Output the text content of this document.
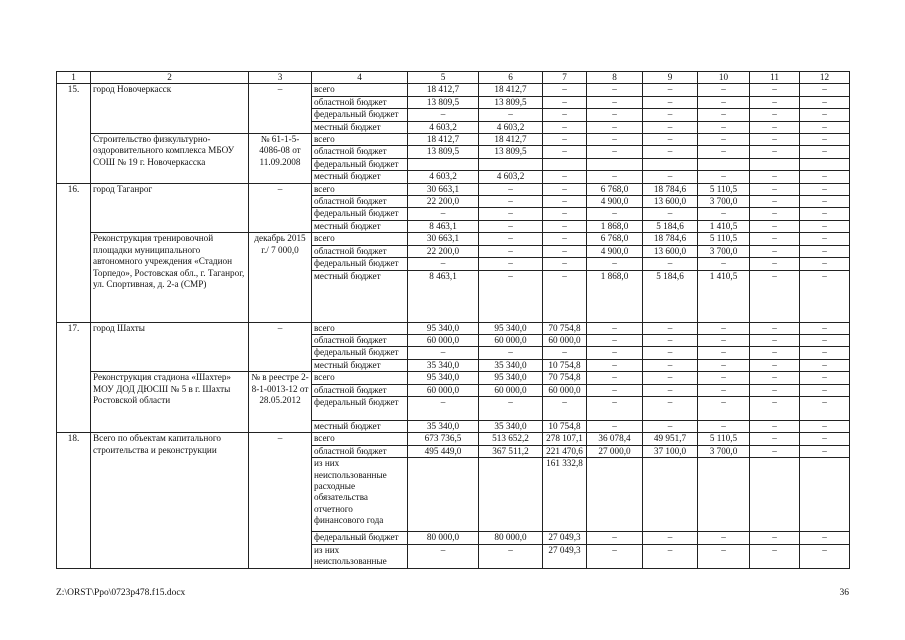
1	2	3	4	5	6	7	8	9	10	11	12
15.	город Новочеркасск	–	всего	18 412,7	18 412,7	–	–	–	–	–	–
			областной бюджет	13 809,5	13 809,5	–	–	–	–	–	–
			федеральный бюджет	–	–	–	–	–	–	–	–
			местный бюджет	4 603,2	4 603,2	–	–	–	–	–	–
	Строительство физкультурно-оздоровительного комплекса МБОУ СОШ № 19 г. Новочеркасска	№ 61-1-5-4086-08 от 11.09.2008	всего	18 412,7	18 412,7	–	–	–	–	–	–
			областной бюджет	13 809,5	13 809,5	–	–	–	–	–	–
			федеральный бюджет								
			местный бюджет	4 603,2	4 603,2	–	–	–	–	–	–
16.	город Таганрог	–	всего	30 663,1	–	–	6 768,0	18 784,6	5 110,5	–	–
			областной бюджет	22 200,0	–	–	4 900,0	13 600,0	3 700,0	–	–
			федеральный бюджет	–	–	–	–	–	–	–	–
			местный бюджет	8 463,1	–	–	1 868,0	5 184,6	1 410,5	–	–
	Реконструкция тренировочной площадки муниципального автономного учреждения «Стадион Торпедо», Ростовская обл., г. Таганрог, ул. Спортивная, д. 2-а (СМР)	декабрь 2015 г./ 7 000,0	всего	30 663,1	–	–	6 768,0	18 784,6	5 110,5	–	–
			областной бюджет	22 200,0	–	–	4 900,0	13 600,0	3 700,0	–	–
			федеральный бюджет	–	–	–	–	–	–	–	–
			местный бюджет	8 463,1	–	–	1 868,0	5 184,6	1 410,5	–	–
17.	город Шахты	–	всего	95 340,0	95 340,0	70 754,8	–	–	–	–	–
			областной бюджет	60 000,0	60 000,0	60 000,0	–	–	–	–	–
			федеральный бюджет	–	–	–	–	–	–	–	–
			местный бюджет	35 340,0	35 340,0	10 754,8	–	–	–	–	–
	Реконструкция стадиона «Шахтер» МОУ ДОД ДЮСШ № 5 в г. Шахты Ростовской области	№ в реестре 2-8-1-0013-12 от 28.05.2012	всего	95 340,0	95 340,0	70 754,8	–	–	–	–	–
			областной бюджет	60 000,0	60 000,0	60 000,0	–	–	–	–	–
			федеральный бюджет	–	–	–	–	–	–	–	–
			местный бюджет	35 340,0	35 340,0	10 754,8	–	–	–	–	–
18.	Всего по объектам капитального строительства и реконструкции	–	всего	673 736,5	513 652,2	278 107,1	36 078,4	49 951,7	5 110,5	–	–
			областной бюджет	495 449,0	367 511,2	221 470,6	27 000,0	37 100,0	3 700,0	–	–
			из них неиспользованные расходные обязательства отчетного финансового года			161 332,8					
			федеральный бюджет	80 000,0	80 000,0	27 049,3	–	–	–	–	–
			из них неиспользованные	–	–	27 049,3	–	–	–	–	–
Z:\ORST\Ppo\0723p478.f15.docx	36
